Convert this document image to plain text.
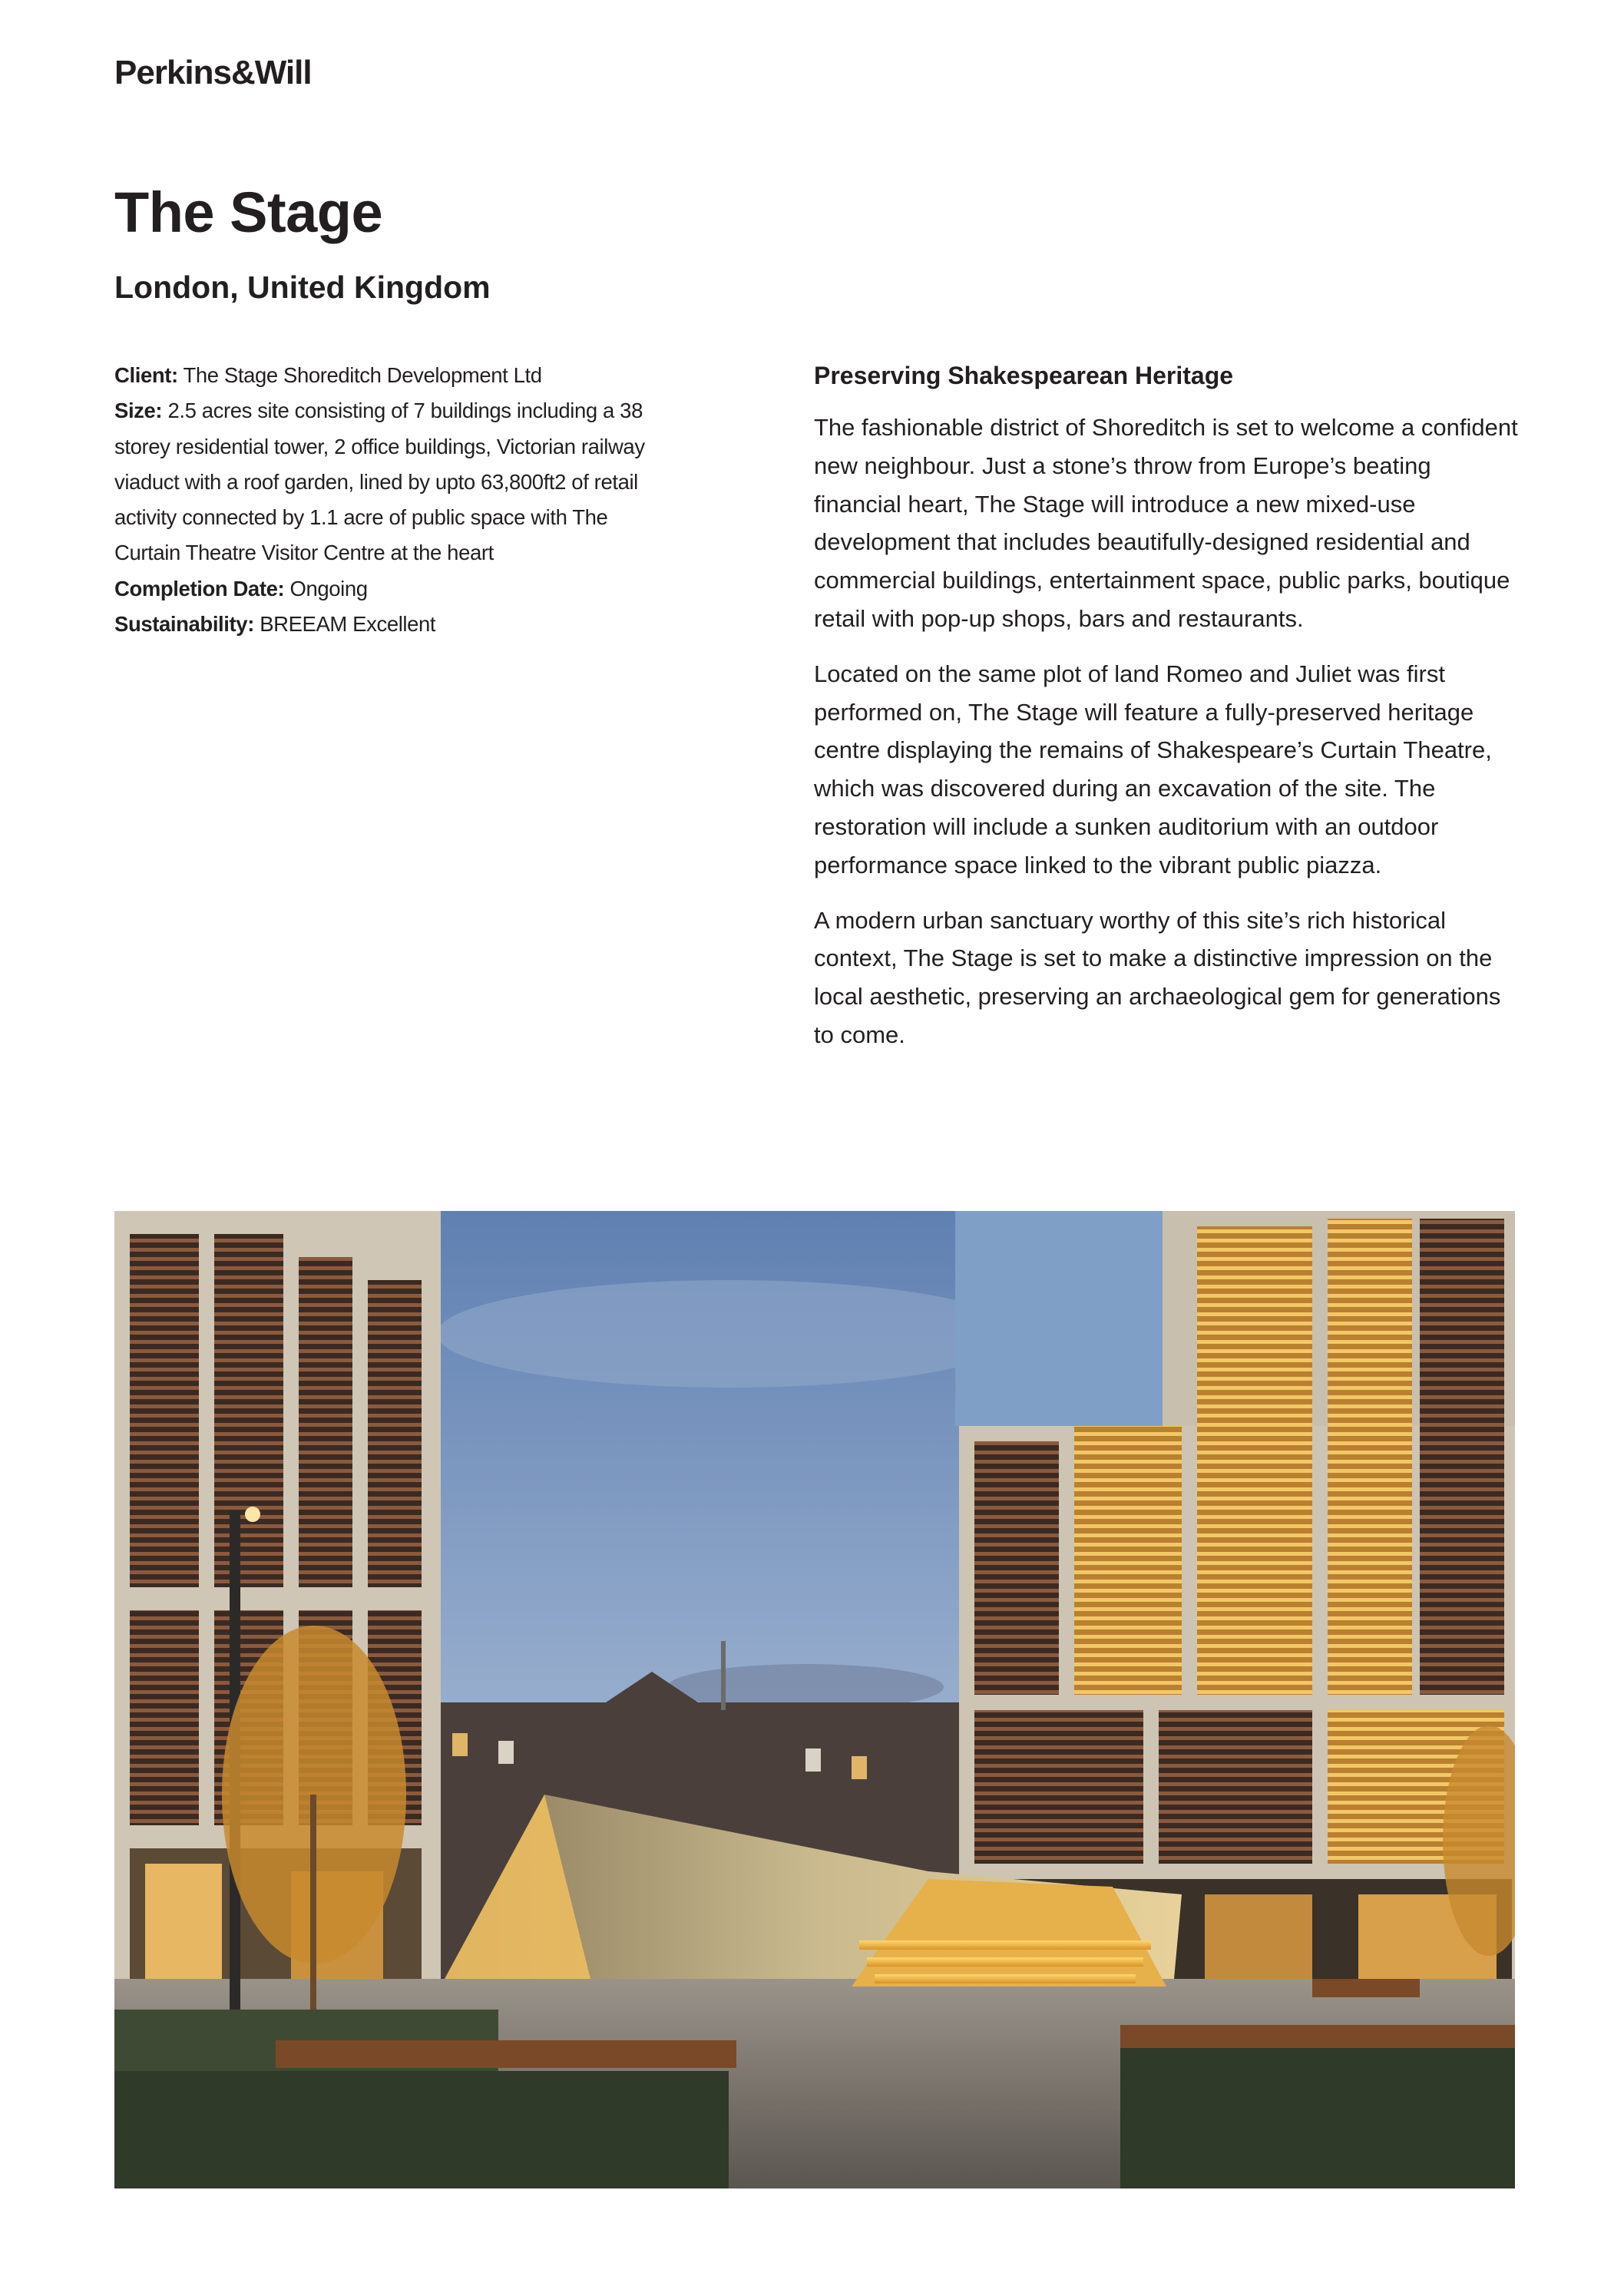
Perkins&Will
The Stage
London, United Kingdom

Client: The Stage Shoreditch Development Ltd

Size: 2.5 acres site consisting of 7 buildings including a 38 storey residential tower, 2 office buildings, Victorian railway viaduct with a roof garden, lined by upto 63,800ft2 of retail activity connected by 1.1 acre of public space with The Curtain Theatre Visitor Centre at the heart

Completion Date: Ongoing

Sustainability: BREEAM Excellent

Preserving Shakespearean Heritage

The fashionable district of Shoreditch is set to welcome a confident new neighbour. Just a stone’s throw from Europe’s beating financial heart, The Stage will introduce a new mixed-use development that includes beautifully-designed residential and commercial buildings, entertainment space, public parks, boutique retail with pop-up shops, bars and restaurants.

Located on the same plot of land Romeo and Juliet was first performed on, The Stage will feature a fully-preserved heritage centre displaying the remains of Shakespeare’s Curtain Theatre, which was discovered during an excavation of the site. The restoration will include a sunken auditorium with an outdoor performance space linked to the vibrant public piazza.

A modern urban sanctuary worthy of this site’s rich historical context, The Stage is set to make a distinctive impression on the local aesthetic, preserving an archaeological gem for generations to come.
